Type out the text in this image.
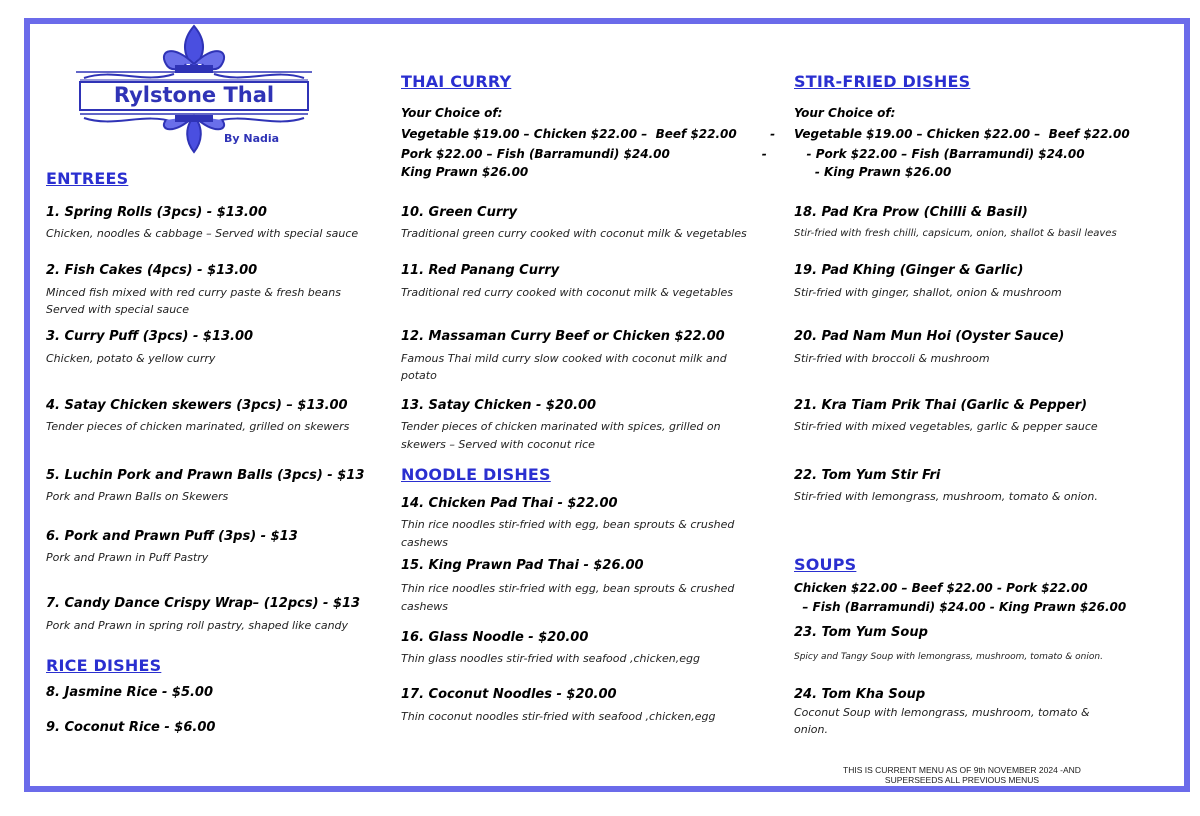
Rylstone Thal
By Nadia
ENTREES
1. Spring Rolls (3pcs) - $13.00
Chicken, noodles & cabbage – Served with special sauce
2. Fish Cakes (4pcs) - $13.00
Minced fish mixed with red curry paste & fresh beans
Served with special sauce
3. Curry Puff (3pcs) - $13.00
Chicken, potato & yellow curry
4. Satay Chicken skewers (3pcs) – $13.00
Tender pieces of chicken marinated, grilled on skewers
5. Luchin Pork and Prawn Balls (3pcs) - $13
Pork and Prawn Balls on Skewers
6. Pork and Prawn Puff (3ps) - $13
Pork and Prawn in Puff Pastry
7. Candy Dance Crispy Wrap– (12pcs) - $13
Pork and Prawn in spring roll pastry, shaped like candy
RICE DISHES
8. Jasmine Rice - $5.00
9. Coconut Rice - $6.00
THAI CURRY
Your Choice of:
Vegetable $19.00 – Chicken $22.00 –  Beef $22.00        -
Pork $22.00 – Fish (Barramundi) $24.00                      -
King Prawn $26.00
10. Green Curry
Traditional green curry cooked with coconut milk & vegetables
11. Red Panang Curry
Traditional red curry cooked with coconut milk & vegetables
12. Massaman Curry Beef or Chicken $22.00
Famous Thai mild curry slow cooked with coconut milk and
potato
13. Satay Chicken - $20.00
Tender pieces of chicken marinated with spices, grilled on
skewers – Served with coconut rice
NOODLE DISHES
14. Chicken Pad Thai - $22.00
Thin rice noodles stir-fried with egg, bean sprouts & crushed
cashews
15. King Prawn Pad Thai - $26.00
Thin rice noodles stir-fried with egg, bean sprouts & crushed
cashews
16. Glass Noodle - $20.00
Thin glass noodles stir-fried with seafood ,chicken,egg
17. Coconut Noodles - $20.00
Thin coconut noodles stir-fried with seafood ,chicken,egg
STIR-FRIED DISHES
Your Choice of:
Vegetable $19.00 – Chicken $22.00 –  Beef $22.00
- Pork $22.00 – Fish (Barramundi) $24.00
- King Prawn $26.00
18. Pad Kra Prow (Chilli & Basil)
Stir-fried with fresh chilli, capsicum, onion, shallot & basil leaves
19. Pad Khing (Ginger & Garlic)
Stir-fried with ginger, shallot, onion & mushroom
20. Pad Nam Mun Hoi (Oyster Sauce)
Stir-fried with broccoli & mushroom
21. Kra Tiam Prik Thai (Garlic & Pepper)
Stir-fried with mixed vegetables, garlic & pepper sauce
22. Tom Yum Stir Fri
Stir-fried with lemongrass, mushroom, tomato & onion.
SOUPS
Chicken $22.00 – Beef $22.00 - Pork $22.00
– Fish (Barramundi) $24.00 - King Prawn $26.00
23. Tom Yum Soup
Spicy and Tangy Soup with lemongrass, mushroom, tomato & onion.
24. Tom Kha Soup
Coconut Soup with lemongrass, mushroom, tomato &
onion.
THIS IS CURRENT MENU AS OF 9th NOVEMBER 2024 -AND
SUPERSEEDS ALL PREVIOUS MENUS
